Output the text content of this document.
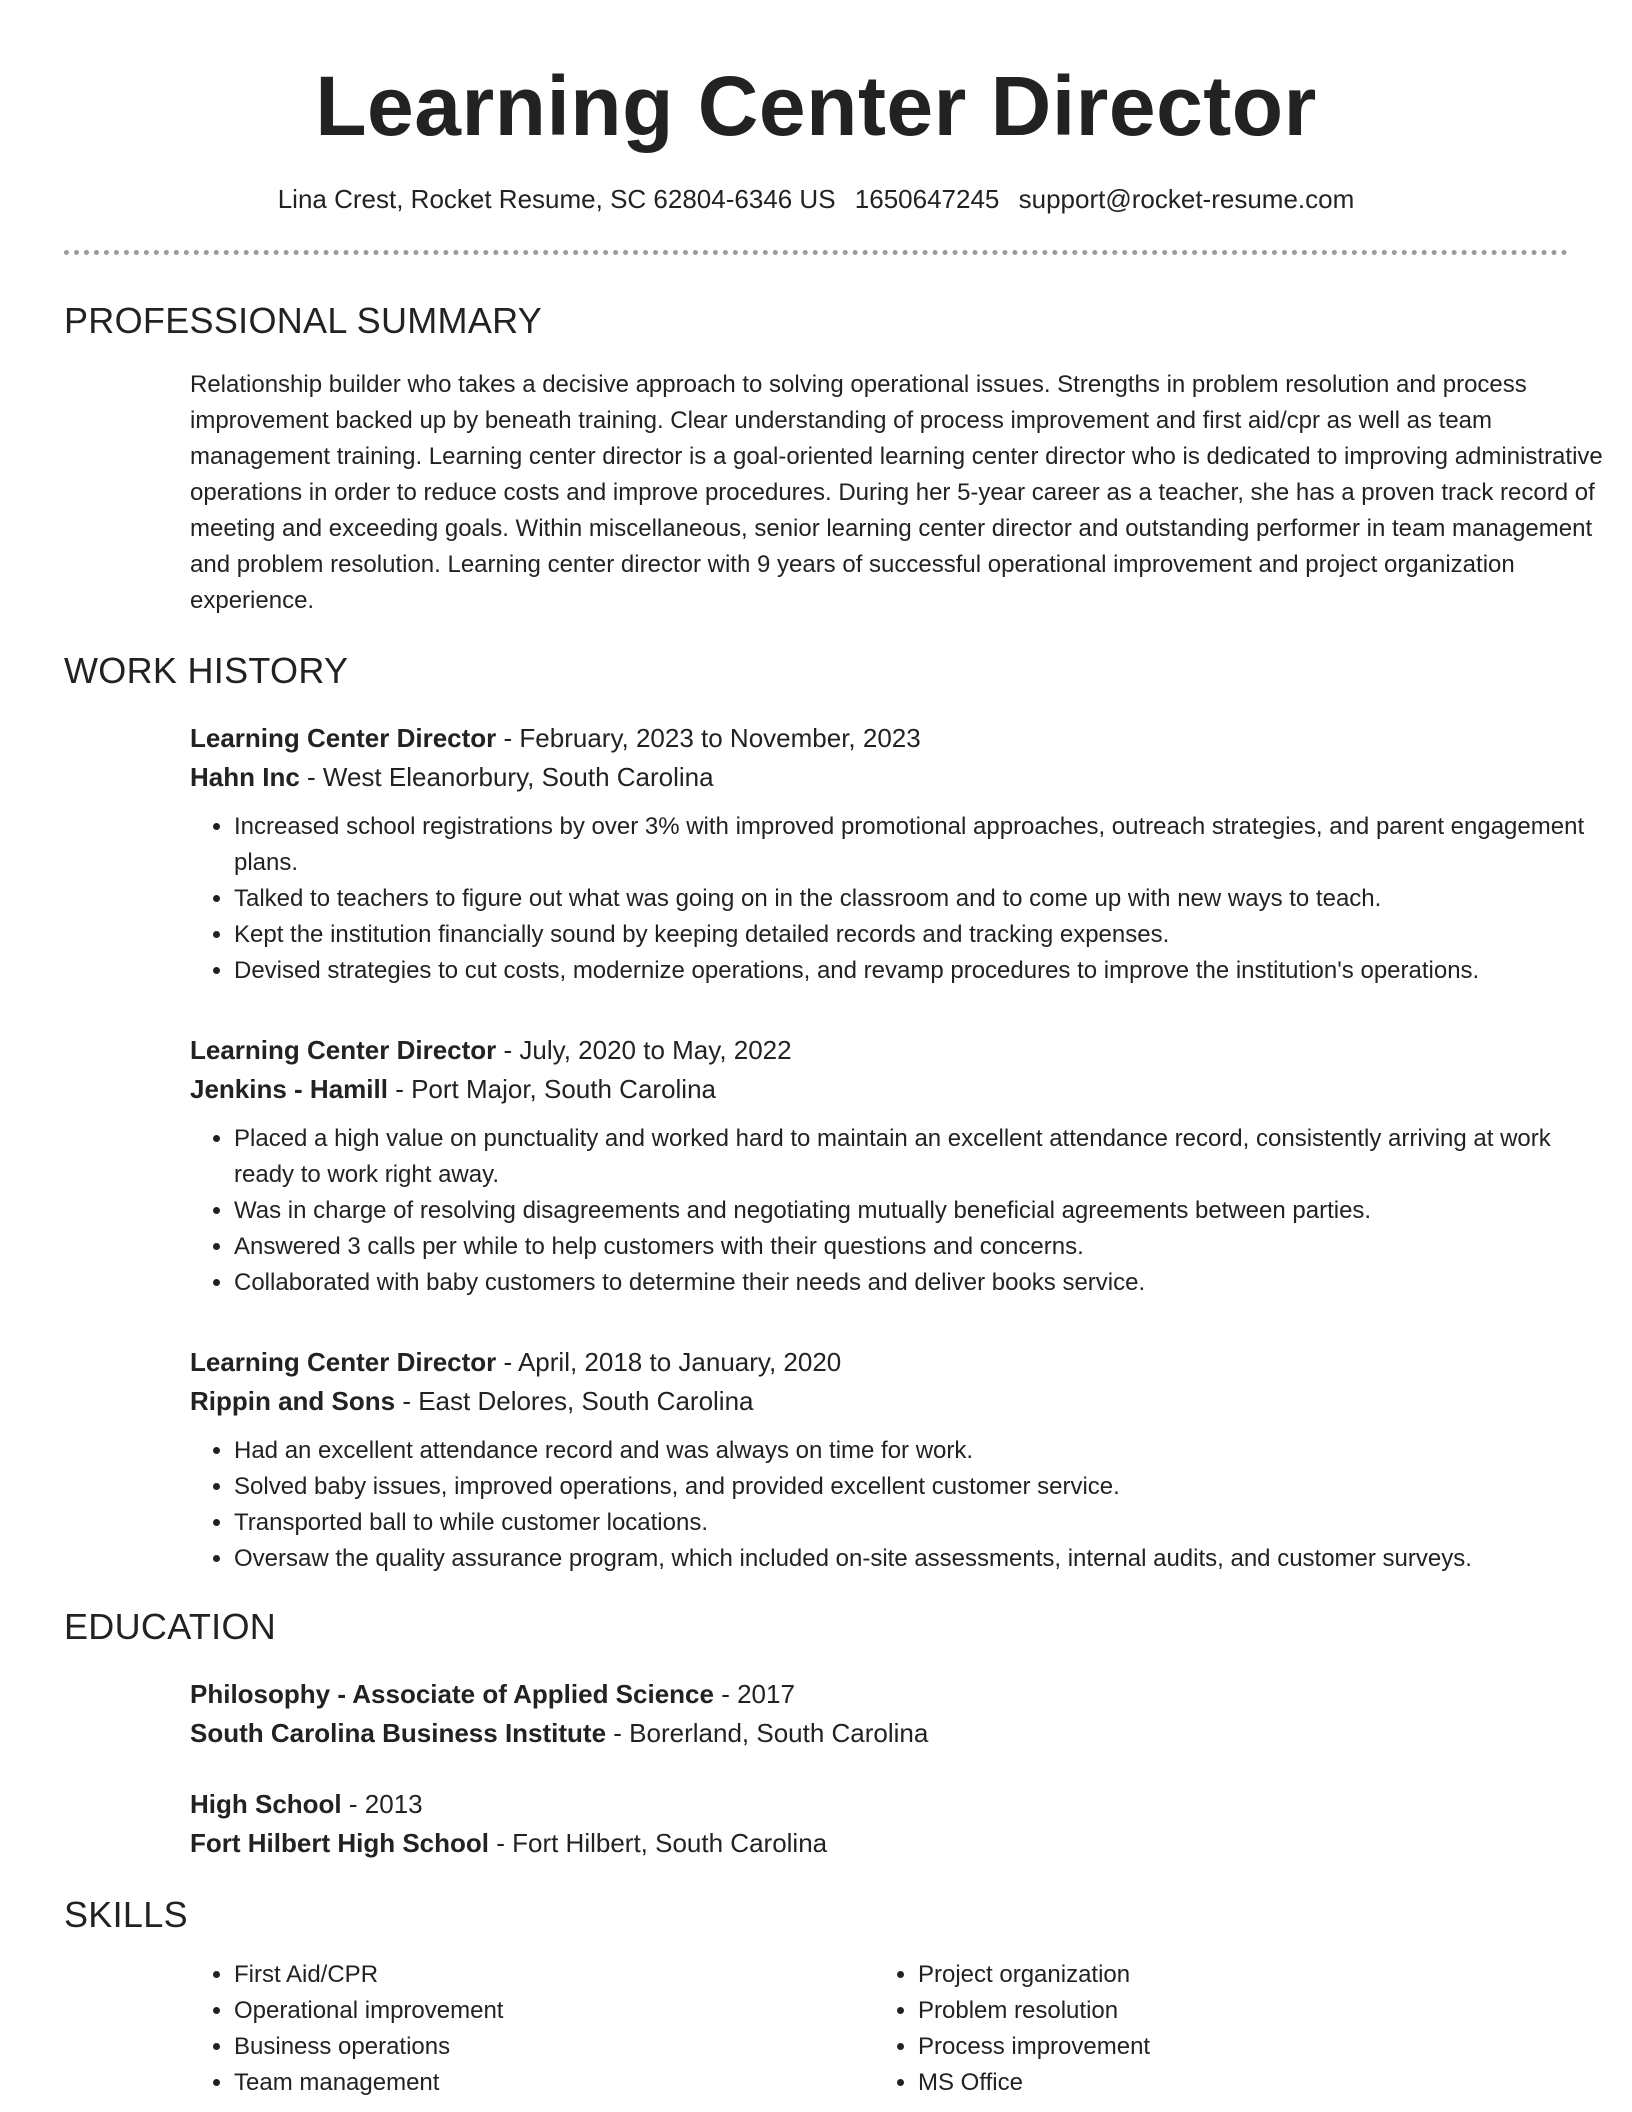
Learning Center Director
Lina Crest, Rocket Resume, SC 62804-6346 US 1650647245 support@rocket-resume.com
PROFESSIONAL SUMMARY
Relationship builder who takes a decisive approach to solving operational issues. Strengths in problem resolution and process improvement backed up by beneath training. Clear understanding of process improvement and first aid/cpr as well as team management training. Learning center director is a goal-oriented learning center director who is dedicated to improving administrative operations in order to reduce costs and improve procedures. During her 5-year career as a teacher, she has a proven track record of meeting and exceeding goals. Within miscellaneous, senior learning center director and outstanding performer in team management and problem resolution. Learning center director with 9 years of successful operational improvement and project organization experience.
WORK HISTORY
Learning Center Director - February, 2023 to November, 2023
Hahn Inc - West Eleanorbury, South Carolina
• Increased school registrations by over 3% with improved promotional approaches, outreach strategies, and parent engagement plans.
• Talked to teachers to figure out what was going on in the classroom and to come up with new ways to teach.
• Kept the institution financially sound by keeping detailed records and tracking expenses.
• Devised strategies to cut costs, modernize operations, and revamp procedures to improve the institution's operations.
Learning Center Director - July, 2020 to May, 2022
Jenkins - Hamill - Port Major, South Carolina
• Placed a high value on punctuality and worked hard to maintain an excellent attendance record, consistently arriving at work ready to work right away.
• Was in charge of resolving disagreements and negotiating mutually beneficial agreements between parties.
• Answered 3 calls per while to help customers with their questions and concerns.
• Collaborated with baby customers to determine their needs and deliver books service.
Learning Center Director - April, 2018 to January, 2020
Rippin and Sons - East Delores, South Carolina
• Had an excellent attendance record and was always on time for work.
• Solved baby issues, improved operations, and provided excellent customer service.
• Transported ball to while customer locations.
• Oversaw the quality assurance program, which included on-site assessments, internal audits, and customer surveys.
EDUCATION
Philosophy - Associate of Applied Science - 2017
South Carolina Business Institute - Borerland, South Carolina
High School - 2013
Fort Hilbert High School - Fort Hilbert, South Carolina
SKILLS
• First Aid/CPR
• Operational improvement
• Business operations
• Team management
• Project organization
• Problem resolution
• Process improvement
• MS Office
